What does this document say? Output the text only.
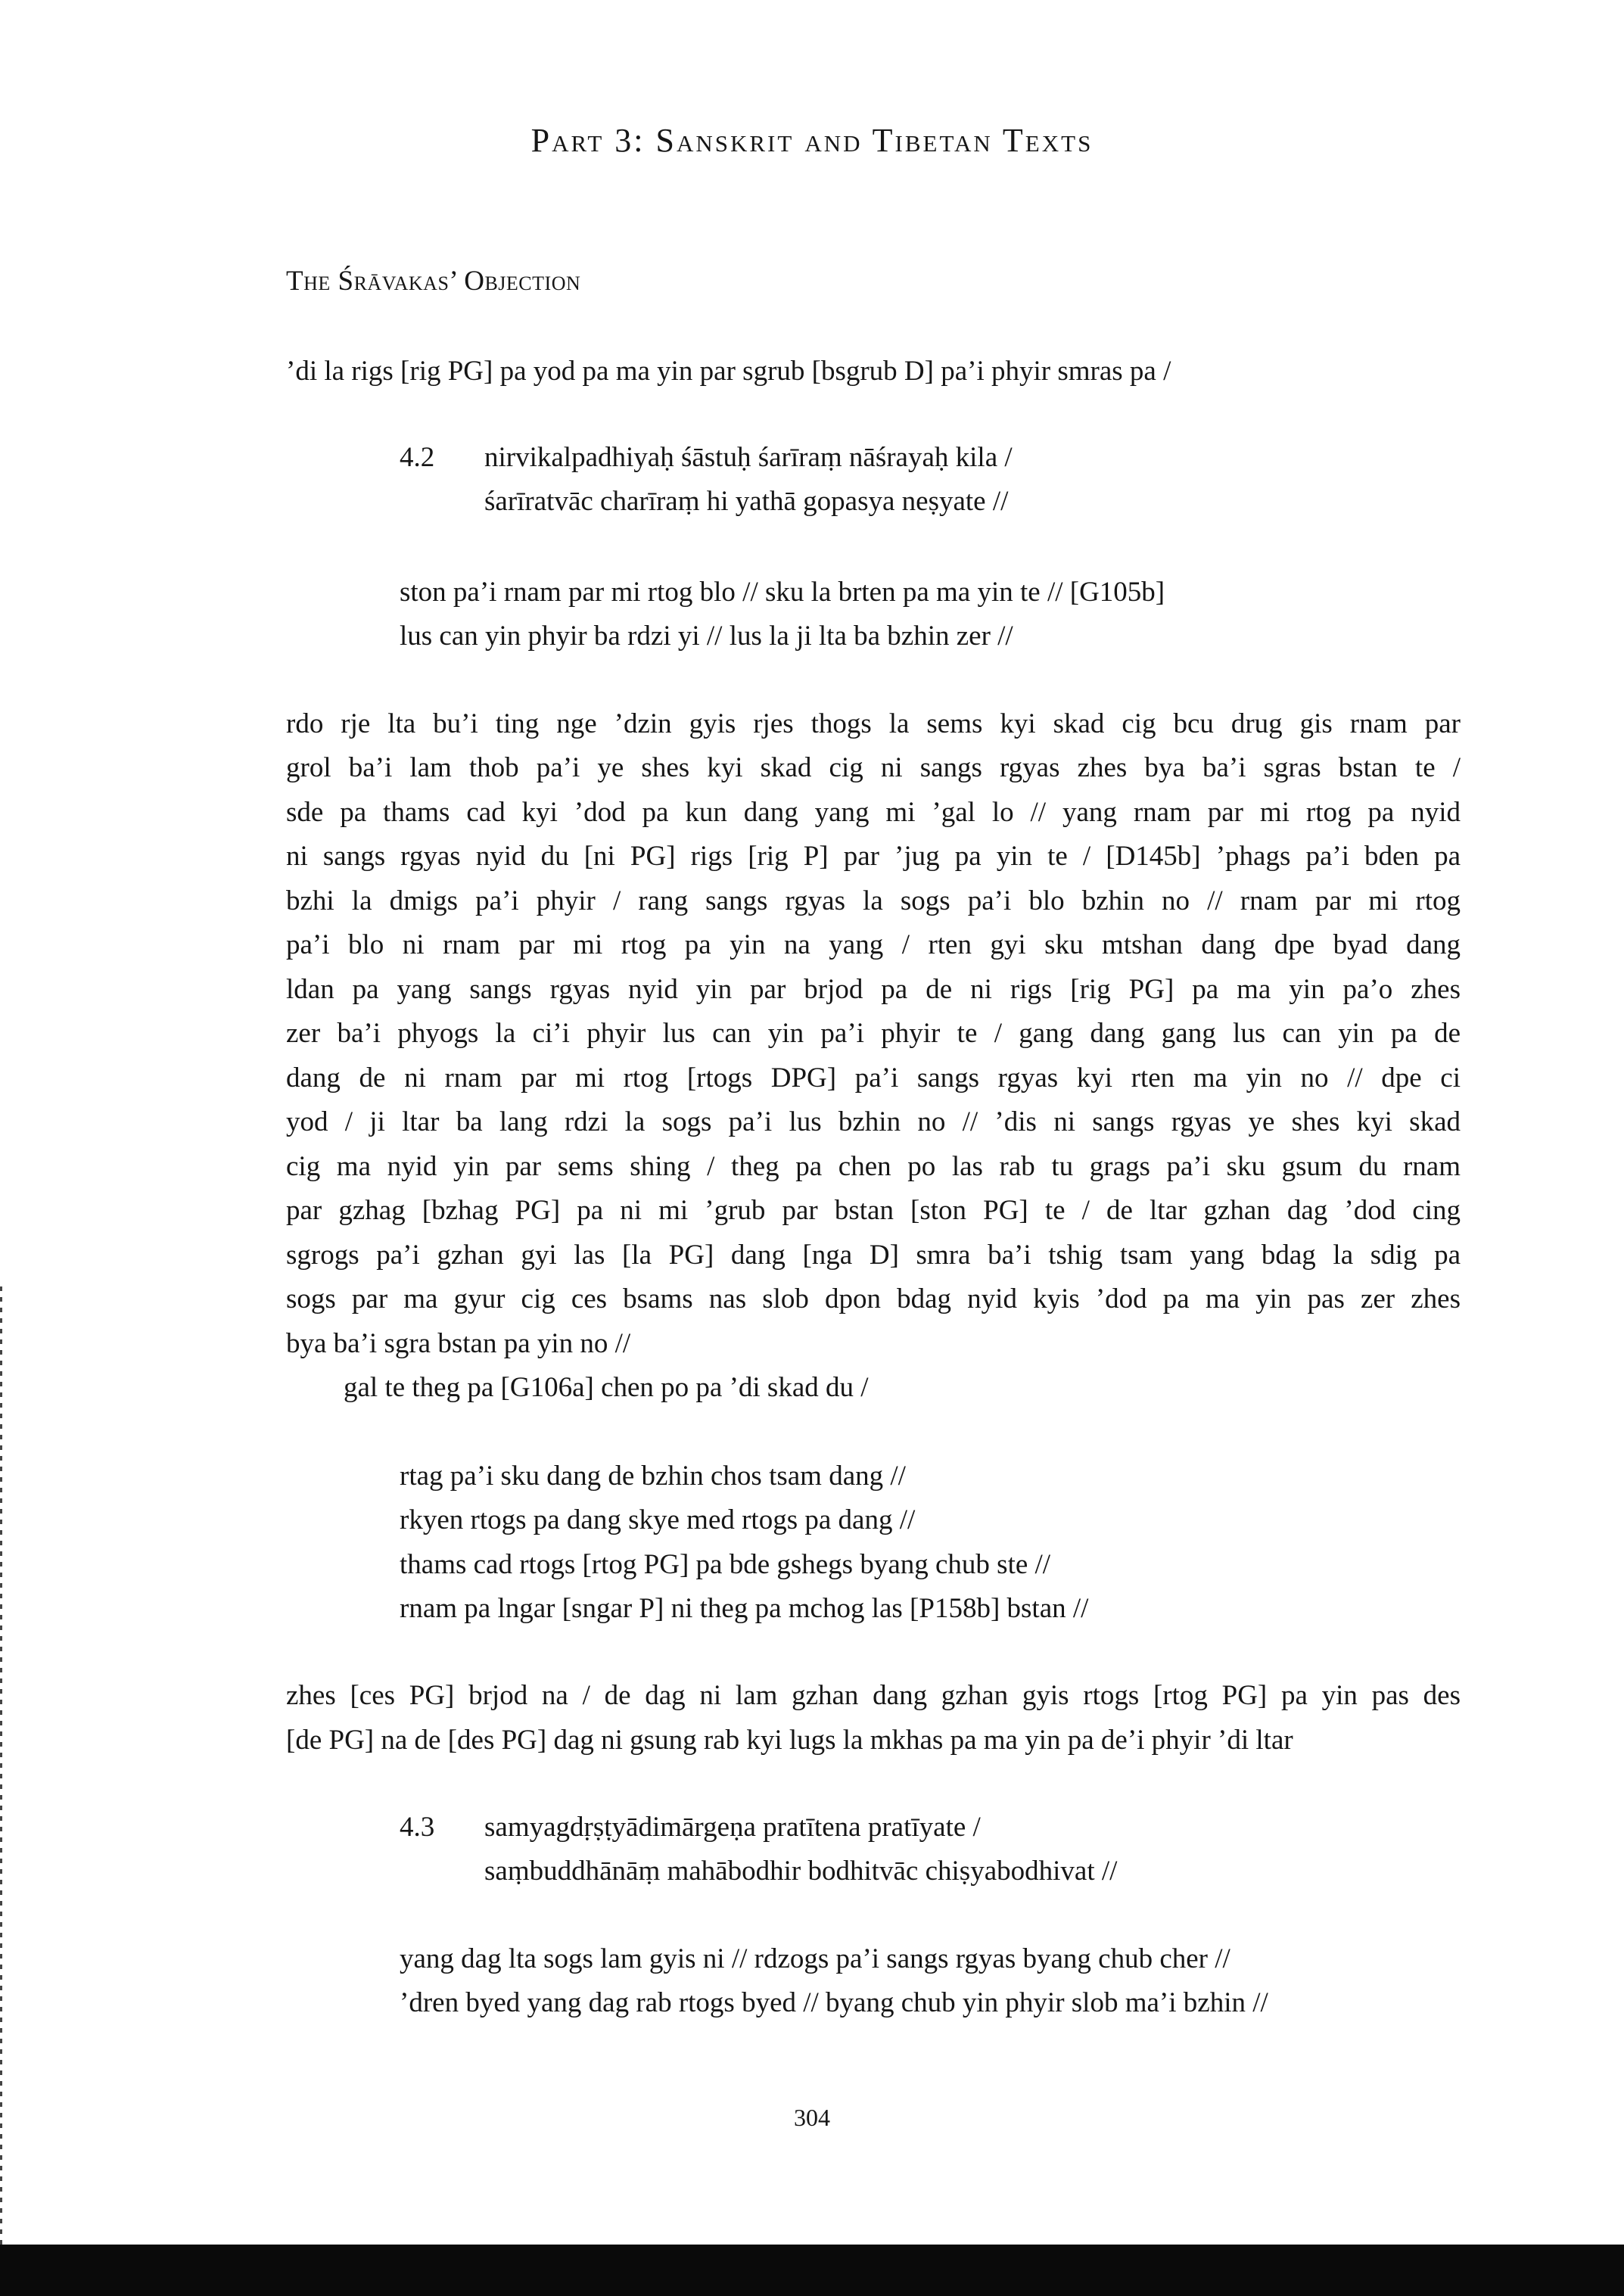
Part 3: Sanskrit and Tibetan Texts
The Śrāvakas’ Objection
’di la rigs [rig PG] pa yod pa ma yin par sgrub [bsgrub D] pa’i phyir smras pa /
4.2 nirvikalpadhiyaḥ śāstuḥ śarīraṃ nāśrayaḥ kila /
śarīratvāc charīraṃ hi yathā gopasya neṣyate //
ston pa’i rnam par mi rtog blo // sku la brten pa ma yin te // [G105b]
lus can yin phyir ba rdzi yi // lus la ji lta ba bzhin zer //
rdo rje lta bu’i ting nge ’dzin gyis rjes thogs la sems kyi skad cig bcu drug gis rnam par
grol ba’i lam thob pa’i ye shes kyi skad cig ni sangs rgyas zhes bya ba’i sgras bstan te /
sde pa thams cad kyi ’dod pa kun dang yang mi ’gal lo // yang rnam par mi rtog pa nyid
ni sangs rgyas nyid du [ni PG] rigs [rig P] par ’jug pa yin te / [D145b] ’phags pa’i bden pa
bzhi la dmigs pa’i phyir / rang sangs rgyas la sogs pa’i blo bzhin no // rnam par mi rtog
pa’i blo ni rnam par mi rtog pa yin na yang / rten gyi sku mtshan dang dpe byad dang
ldan pa yang sangs rgyas nyid yin par brjod pa de ni rigs [rig PG] pa ma yin pa’o zhes
zer ba’i phyogs la ci’i phyir lus can yin pa’i phyir te / gang dang gang lus can yin pa de
dang de ni rnam par mi rtog [rtogs DPG] pa’i sangs rgyas kyi rten ma yin no // dpe ci
yod / ji ltar ba lang rdzi la sogs pa’i lus bzhin no // ’dis ni sangs rgyas ye shes kyi skad
cig ma nyid yin par sems shing / theg pa chen po las rab tu grags pa’i sku gsum du rnam
par gzhag [bzhag PG] pa ni mi ’grub par bstan [ston PG] te / de ltar gzhan dag ’dod cing
sgrogs pa’i gzhan gyi las [la PG] dang [nga D] smra ba’i tshig tsam yang bdag la sdig pa
sogs par ma gyur cig ces bsams nas slob dpon bdag nyid kyis ’dod pa ma yin pas zer zhes
bya ba’i sgra bstan pa yin no //
gal te theg pa [G106a] chen po pa ’di skad du /
rtag pa’i sku dang de bzhin chos tsam dang //
rkyen rtogs pa dang skye med rtogs pa dang //
thams cad rtogs [rtog PG] pa bde gshegs byang chub ste //
rnam pa lngar [sngar P] ni theg pa mchog las [P158b] bstan //
zhes [ces PG] brjod na / de dag ni lam gzhan dang gzhan gyis rtogs [rtog PG] pa yin pas des
[de PG] na de [des PG] dag ni gsung rab kyi lugs la mkhas pa ma yin pa de’i phyir ’di ltar
4.3 samyagdṛṣṭyādimārgeṇa pratītena pratīyate /
saṃbuddhānāṃ mahābodhir bodhitvāc chiṣyabodhivat //
yang dag lta sogs lam gyis ni // rdzogs pa’i sangs rgyas byang chub cher //
’dren byed yang dag rab rtogs byed // byang chub yin phyir slob ma’i bzhin //
304
